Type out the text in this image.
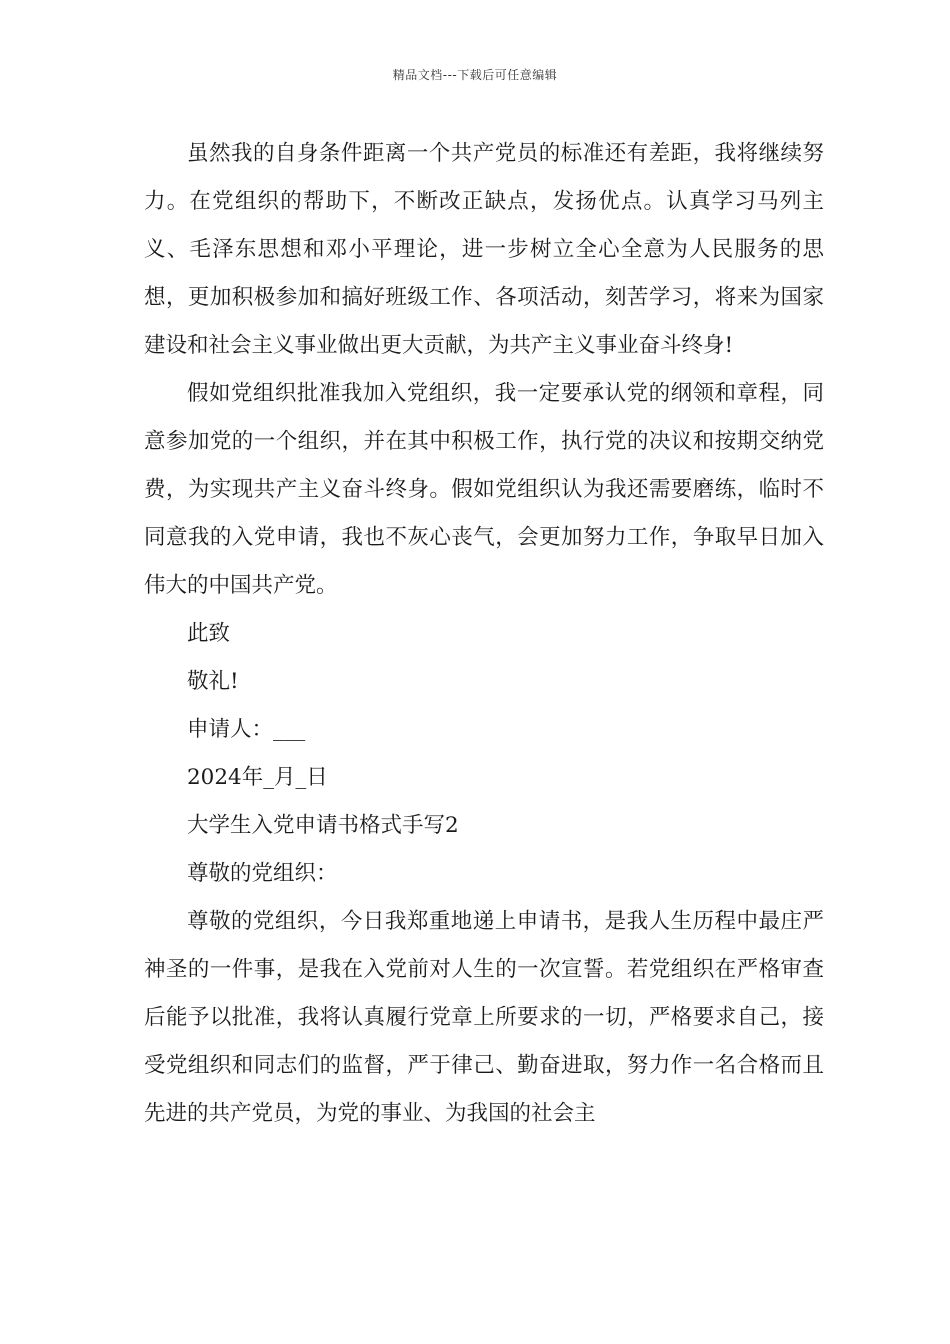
精品文档---下载后可任意编辑

虽然我的自身条件距离一个共产党员的标准还有差距，我将继续努力。在党组织的帮助下，不断改正缺点，发扬优点。认真学习马列主义、毛泽东思想和邓小平理论，进一步树立全心全意为人民服务的思想，更加积极参加和搞好班级工作、各项活动，刻苦学习，将来为国家建设和社会主义事业做出更大贡献，为共产主义事业奋斗终身!

假如党组织批准我加入党组织，我一定要承认党的纲领和章程，同意参加党的一个组织，并在其中积极工作，执行党的决议和按期交纳党费，为实现共产主义奋斗终身。假如党组织认为我还需要磨练，临时不同意我的入党申请，我也不灰心丧气，会更加努力工作，争取早日加入伟大的中国共产党。

此致

敬礼!

申请人：___

2024年_月_日

大学生入党申请书格式手写2

尊敬的党组织：

尊敬的党组织，今日我郑重地递上申请书，是我人生历程中最庄严神圣的一件事，是我在入党前对人生的一次宣誓。若党组织在严格审查后能予以批准，我将认真履行党章上所要求的一切，严格要求自己，接受党组织和同志们的监督，严于律己、勤奋进取，努力作一名合格而且先进的共产党员，为党的事业、为我国的社会主
